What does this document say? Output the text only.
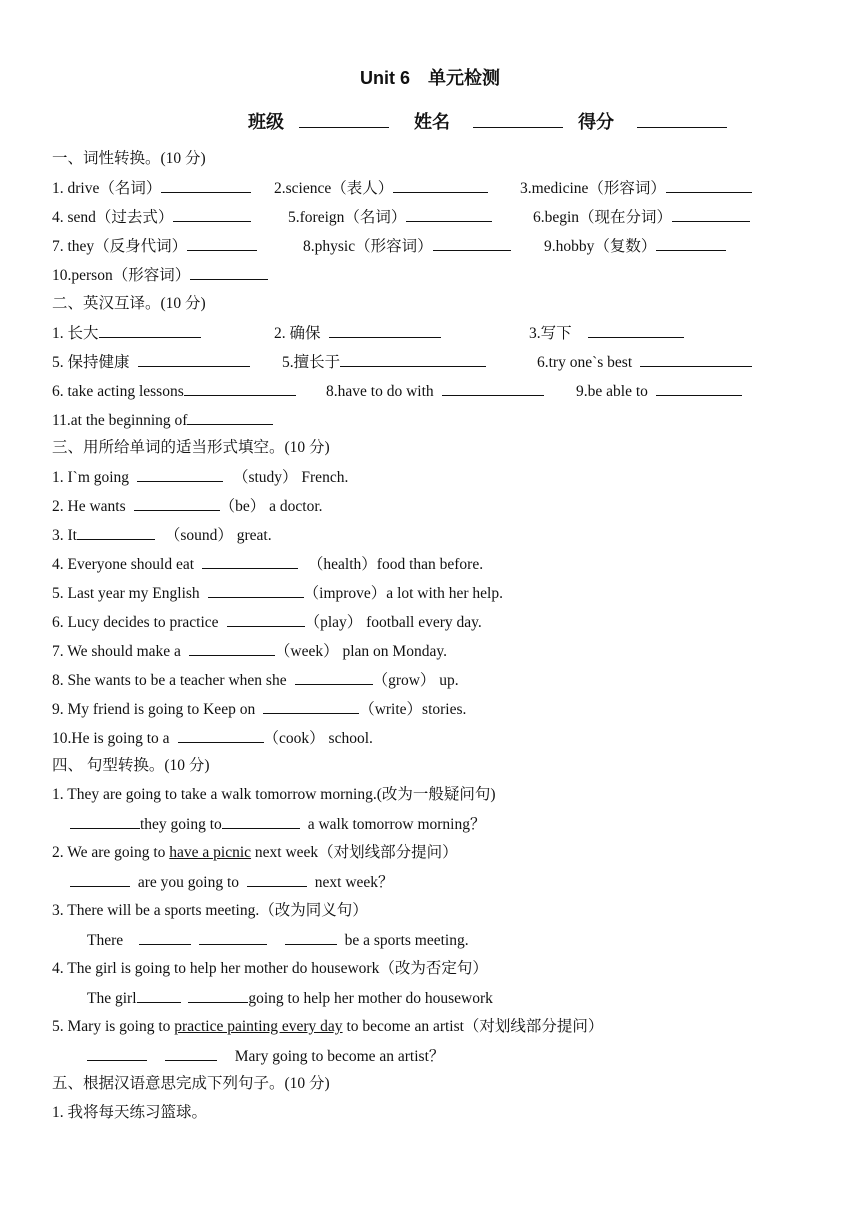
Unit 6　单元检测
班级	姓名	得分
一、词性转换。(10 分)
1. drive（名词）	2.science（表人）	3.medicine（形容词）
4. send（过去式）	5.foreign（名词）	6.begin（现在分词）
7. they（反身代词）	8.physic（形容词）	9.hobby（复数）
10.person（形容词）
二、英汉互译。(10 分)
1. 长大	2. 确保	3.写下
5. 保持健康	5.擅长于	6.try one`s best
6. take acting lessons	8.have to do with	9.be able to
11.at the beginning of
三、用所给单词的适当形式填空。(10 分)
1. I`m going	（study） French.
2. He wants	（be） a doctor.
3. It	（sound） great.
4. Everyone should eat	（health）food than before.
5. Last year my English	（improve）a lot with her help.
6. Lucy decides to practice	（play） football every day.
7. We should make a	（week） plan on Monday.
8. She wants to be a teacher when she	（grow） up.
9. My friend is going to Keep on	（write）stories.
10.He is going to a	（cook） school.
四、 句型转换。(10 分)
1. They are going to take a walk tomorrow morning.(改为一般疑问句)
they going to	a walk tomorrow morning？
2. We are going to have a picnic next week（对划线部分提问）
are you going to	next week？
3. There will be a sports meeting.（改为同义句）
There	be a sports meeting.
4. The girl is going to help her mother do housework（改为否定句）
The girl	going to help her mother do housework
5. Mary is going to practice painting every day to become an artist（对划线部分提问）
Mary going to become an artist？
五、根据汉语意思完成下列句子。(10 分)
1. 我将每天练习篮球。
